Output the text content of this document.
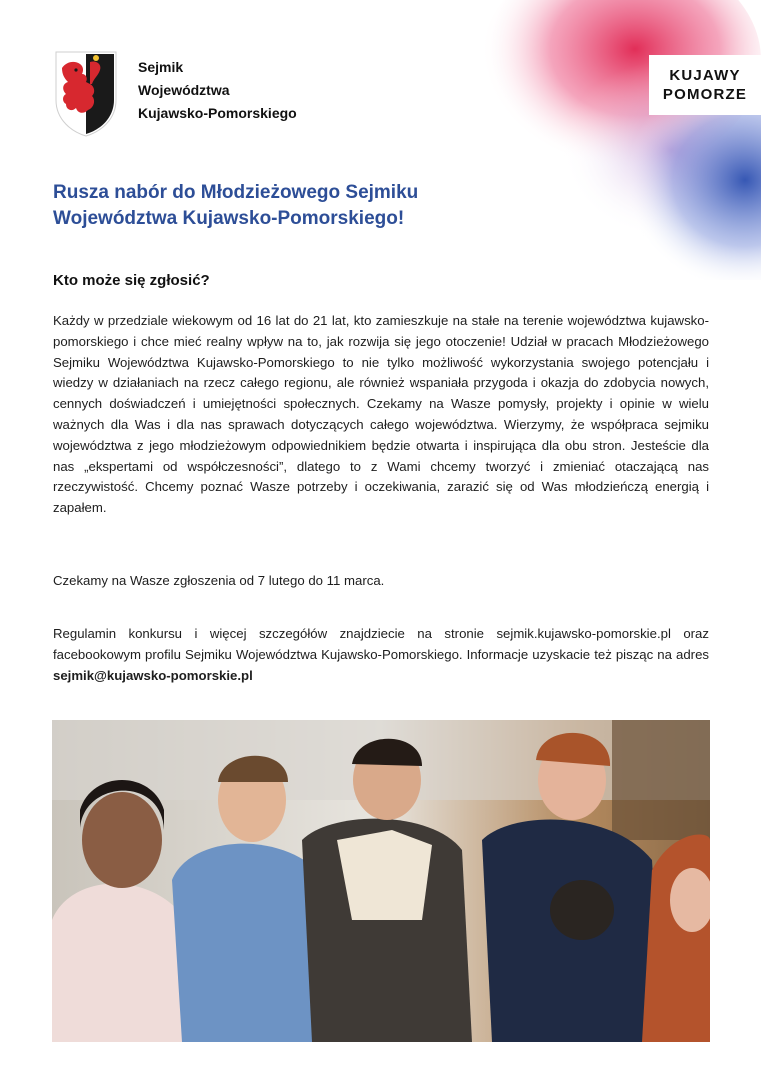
Sejmik
Województwa
Kujawsko-Pomorskiego
KUJAWY
POMORZE
Rusza nabór do Młodzieżowego Sejmiku
Województwa Kujawsko-Pomorskiego!
Kto może się zgłosić?

Każdy w przedziale wiekowym od 16 lat do 21 lat, kto zamieszkuje na stałe na terenie województwa kujawsko-pomorskiego i chce mieć realny wpływ na to, jak rozwija się jego otoczenie! Udział w pracach Młodzieżowego Sejmiku Województwa Kujawsko-Pomorskiego to nie tylko możliwość wykorzystania swojego potencjału i wiedzy w działaniach na rzecz całego regionu, ale również wspaniała przygoda i okazja do zdobycia nowych, cennych doświadczeń i umiejętności społecznych. Czekamy na Wasze pomysły, projekty i opinie w wielu ważnych dla Was i dla nas sprawach dotyczących całego województwa. Wierzymy, że współpraca sejmiku województwa z jego młodzieżowym odpowiednikiem będzie otwarta i inspirująca dla obu stron. Jesteście dla nas „ekspertami od współczesności”, dlatego to z Wami chcemy tworzyć i zmieniać otaczającą nas rzeczywistość. Chcemy poznać Wasze potrzeby i oczekiwania, zarazić się od Was młodzieńczą energią i zapałem.

Czekamy na Wasze zgłoszenia od 7 lutego do 11 marca.
Regulamin konkursu i więcej szczegółów znajdziecie na stronie sejmik.kujawsko-pomorskie.pl oraz facebookowym profilu Sejmiku Województwa Kujawsko-Pomorskiego. Informacje uzyskacie też pisząc na adres sejmik@kujawsko-pomorskie.pl
